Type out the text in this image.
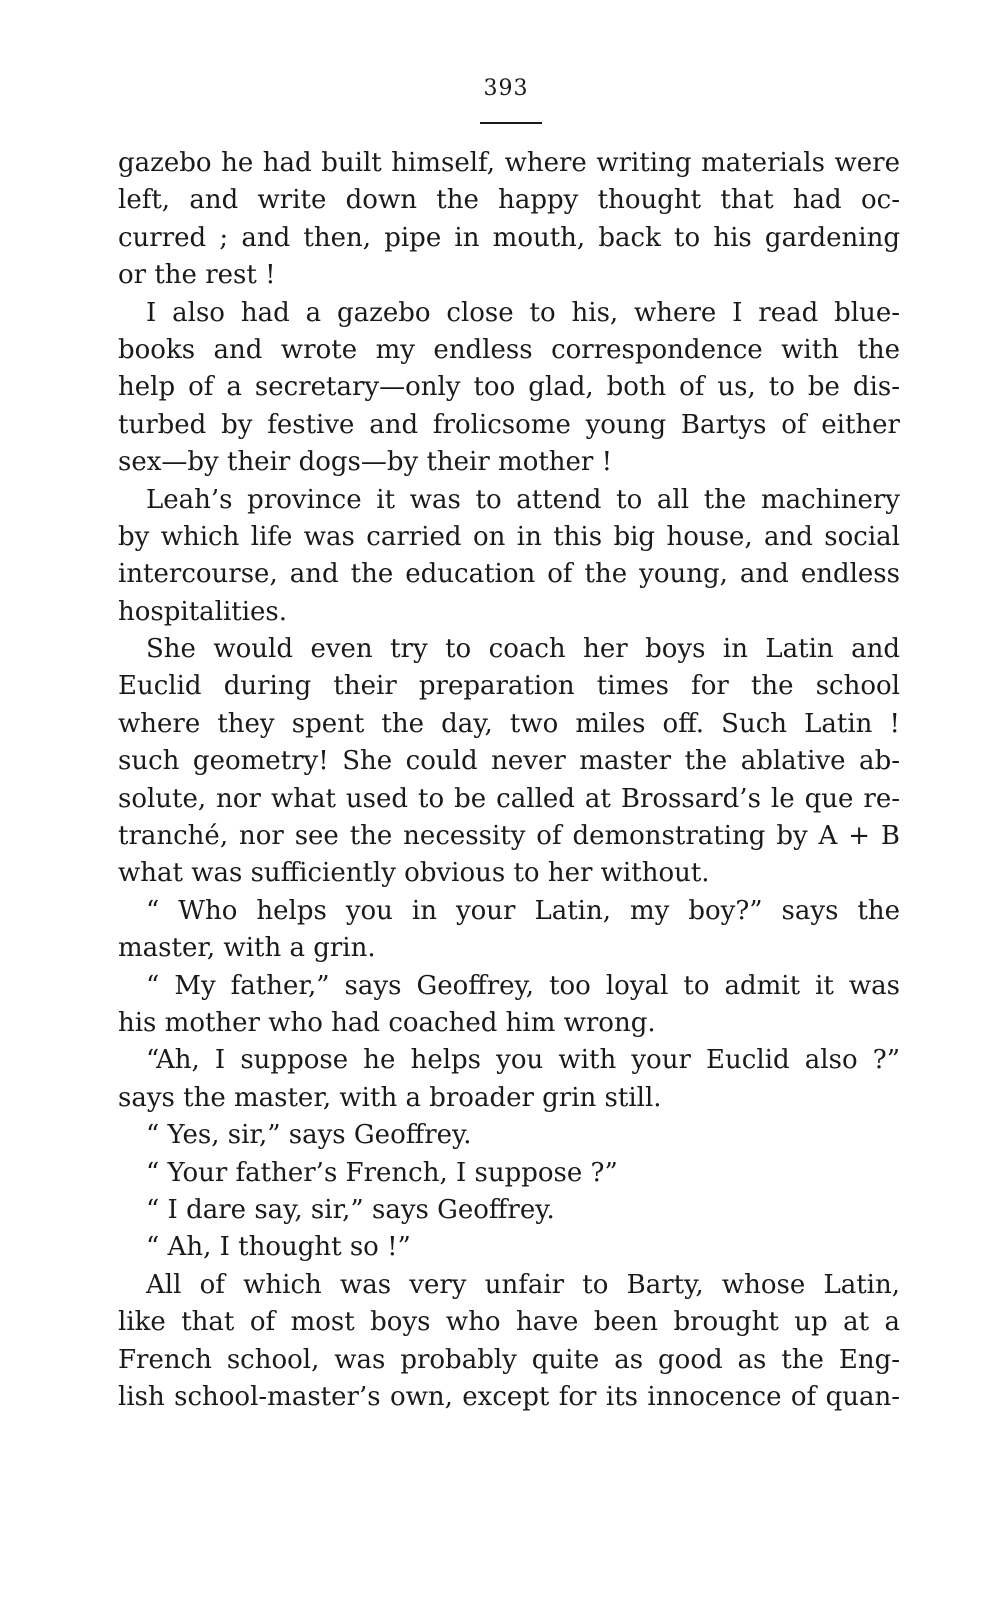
393
gazebo he had built himself, where writing materials were
left, and write down the happy thought that had oc-
curred ; and then, pipe in mouth, back to his gardening
or the rest !
I also had a gazebo close to his, where I read blue-
books and wrote my endless correspondence with the
help of a secretary—only too glad, both of us, to be dis-
turbed by festive and frolicsome young Bartys of either
sex—by their dogs—by their mother !
Leah’s province it was to attend to all the machinery
by which life was carried on in this big house, and social
intercourse, and the education of the young, and endless
hospitalities.
She would even try to coach her boys in Latin and
Euclid during their preparation times for the school
where they spent the day, two miles off. Such Latin !
such geometry! She could never master the ablative ab-
solute, nor what used to be called at Brossard’s le que re-
tranché, nor see the necessity of demonstrating by A + B
what was sufficiently obvious to her without.
“ Who helps you in your Latin, my boy?” says the
master, with a grin.
“ My father,” says Geoffrey, too loyal to admit it was
his mother who had coached him wrong.
“Ah, I suppose he helps you with your Euclid also ?”
says the master, with a broader grin still.
“ Yes, sir,” says Geoffrey.
“ Your father’s French, I suppose ?”
“ I dare say, sir,” says Geoffrey.
“ Ah, I thought so !”
All of which was very unfair to Barty, whose Latin,
like that of most boys who have been brought up at a
French school, was probably quite as good as the Eng-
lish school-master’s own, except for its innocence of quan-
